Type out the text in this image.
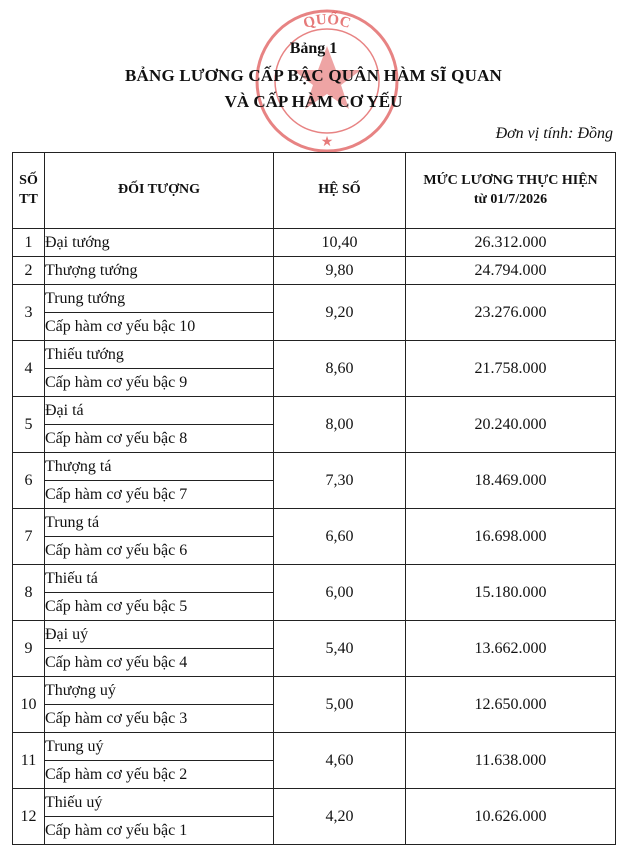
QUỐC
★
Bảng 1
BẢNG LƯƠNG CẤP BẬC QUÂN HÀM SĨ QUAN
VÀ CẤP HÀM CƠ YẾU
Đơn vị tính: Đồng
SỐ
TT	ĐỐI TƯỢNG	HỆ SỐ	MỨC LƯƠNG THỰC HIỆN
từ 01/7/2026
1	Đại tướng	10,40	26.312.000
2	Thượng tướng	9,80	24.794.000
3	Trung tướng	9,20	23.276.000
	Cấp hàm cơ yếu bậc 10		
4	Thiếu tướng	8,60	21.758.000
	Cấp hàm cơ yếu bậc 9		
5	Đại tá	8,00	20.240.000
	Cấp hàm cơ yếu bậc 8		
6	Thượng tá	7,30	18.469.000
	Cấp hàm cơ yếu bậc 7		
7	Trung tá	6,60	16.698.000
	Cấp hàm cơ yếu bậc 6		
8	Thiếu tá	6,00	15.180.000
	Cấp hàm cơ yếu bậc 5		
9	Đại uý	5,40	13.662.000
	Cấp hàm cơ yếu bậc 4		
10	Thượng uý	5,00	12.650.000
	Cấp hàm cơ yếu bậc 3		
11	Trung uý	4,60	11.638.000
	Cấp hàm cơ yếu bậc 2		
12	Thiếu uý	4,20	10.626.000
	Cấp hàm cơ yếu bậc 1		
